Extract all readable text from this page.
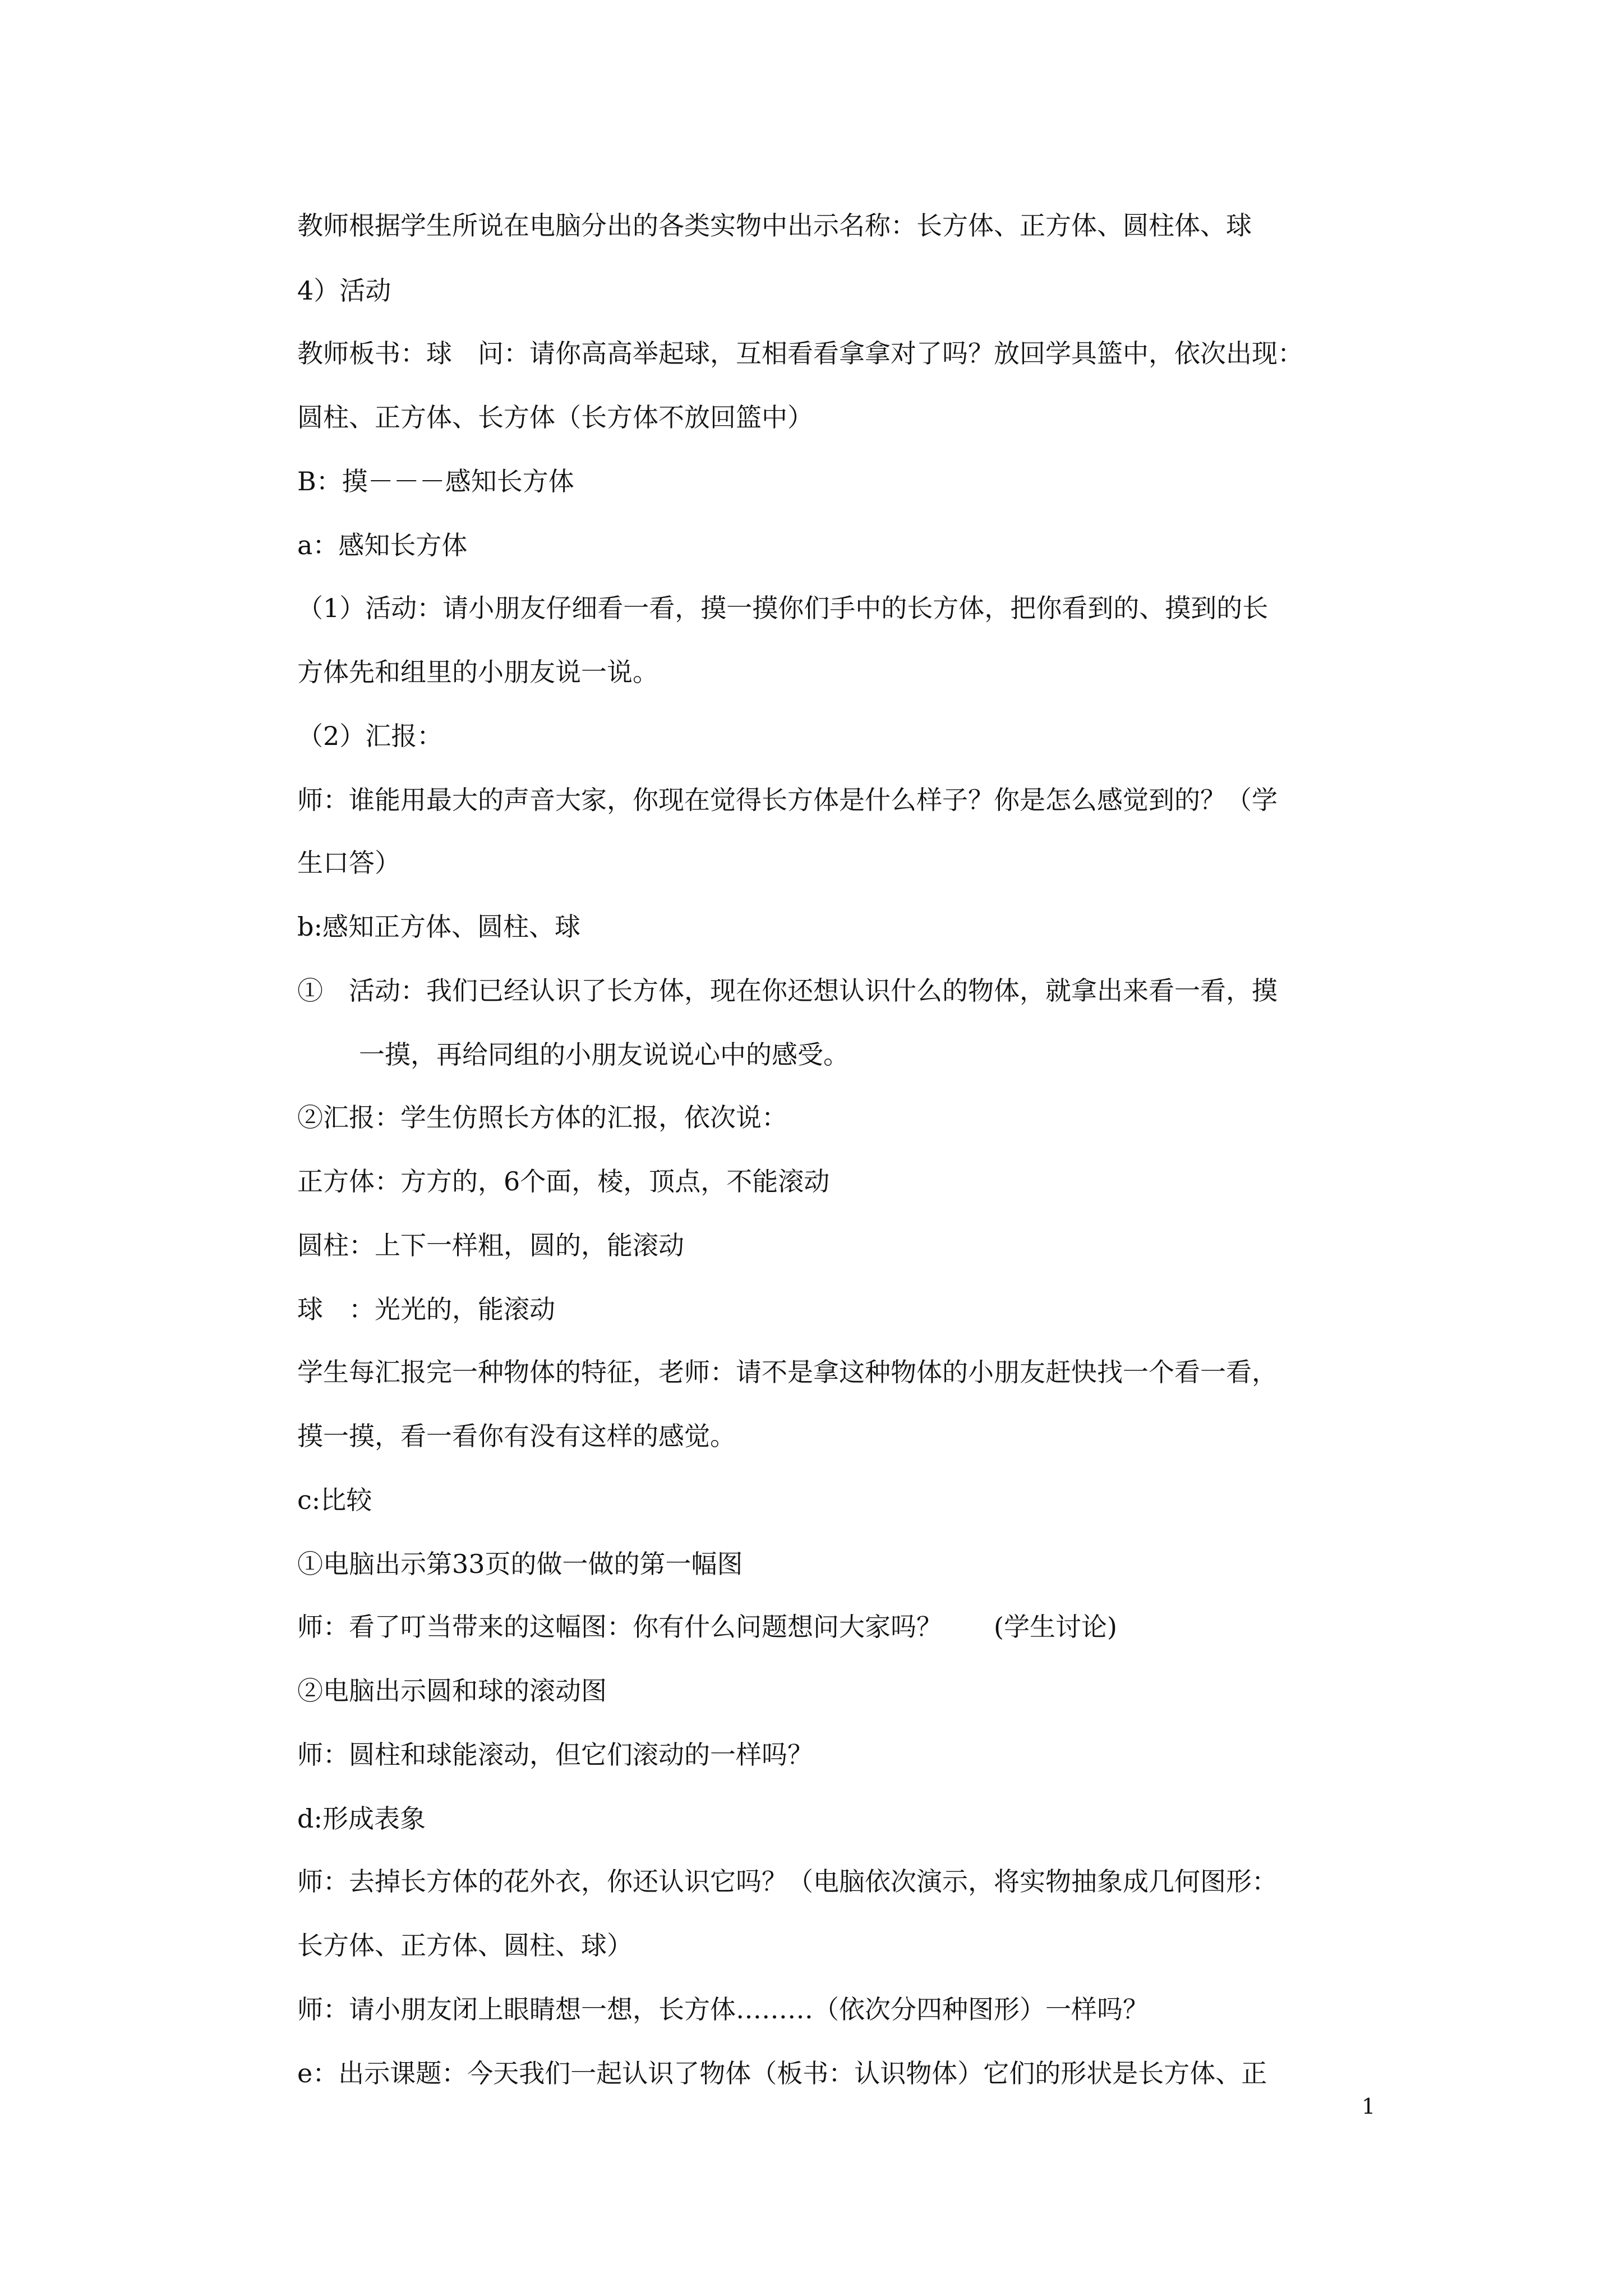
教师根据学生所说在电脑分出的各类实物中出示名称：长方体、正方体、圆柱体、球
4）活动
教师板书：球　问：请你高高举起球，互相看看拿拿对了吗？放回学具篮中，依次出现：
圆柱、正方体、长方体（长方体不放回篮中）
B：摸－－－感知长方体
a：感知长方体
（1）活动：请小朋友仔细看一看，摸一摸你们手中的长方体，把你看到的、摸到的长
方体先和组里的小朋友说一说。
（2）汇报：
师：谁能用最大的声音大家，你现在觉得长方体是什么样子？你是怎么感觉到的？（学
生口答）
b:感知正方体、圆柱、球
①　活动：我们已经认识了长方体，现在你还想认识什么的物体，就拿出来看一看，摸
一摸，再给同组的小朋友说说心中的感受。
②汇报：学生仿照长方体的汇报，依次说：
正方体：方方的，6个面，棱，顶点，不能滚动
圆柱：上下一样粗，圆的，能滚动
球　：光光的，能滚动
学生每汇报完一种物体的特征，老师：请不是拿这种物体的小朋友赶快找一个看一看，
摸一摸，看一看你有没有这样的感觉。
c:比较
①电脑出示第33页的做一做的第一幅图
师：看了叮当带来的这幅图：你有什么问题想问大家吗？　　(学生讨论)
②电脑出示圆和球的滚动图
师：圆柱和球能滚动，但它们滚动的一样吗？
d:形成表象
师：去掉长方体的花外衣，你还认识它吗？（电脑依次演示，将实物抽象成几何图形：
长方体、正方体、圆柱、球）
师：请小朋友闭上眼睛想一想，长方体………（依次分四种图形）一样吗？
e：出示课题：今天我们一起认识了物体（板书：认识物体）它们的形状是长方体、正
1
